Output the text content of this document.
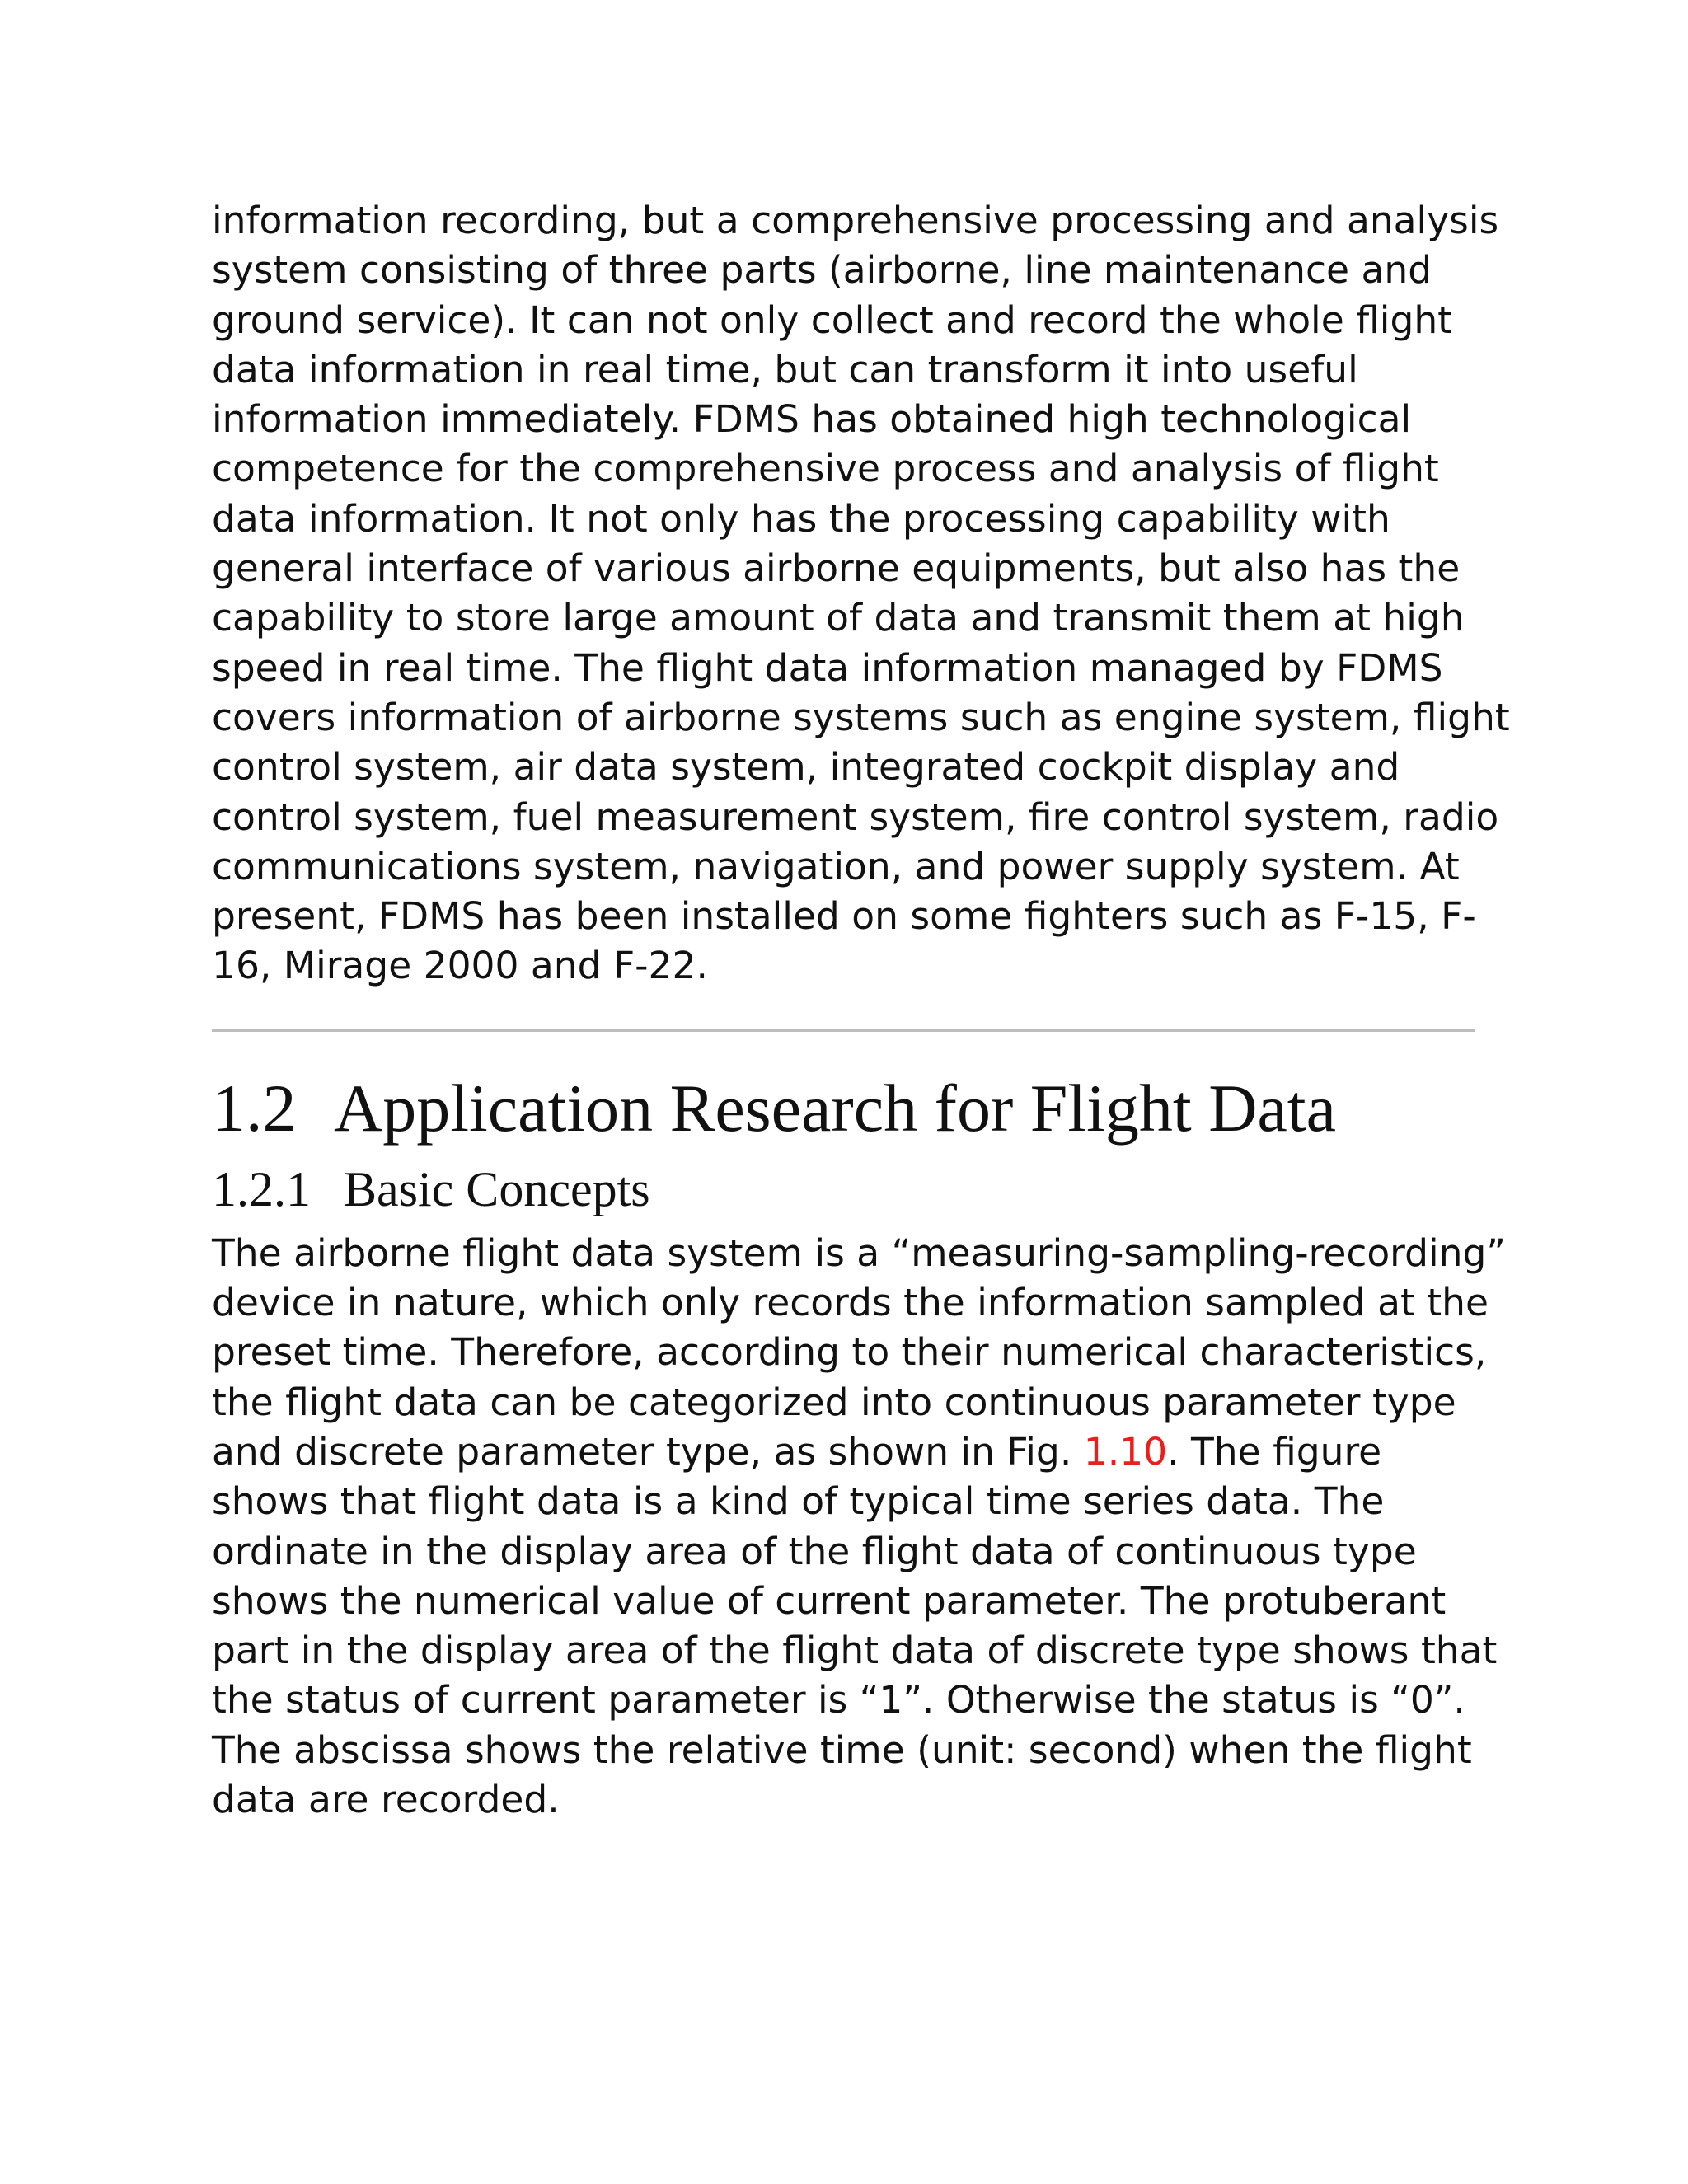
information recording, but a comprehensive processing and analysis
system consisting of three parts (airborne, line maintenance and
ground service). It can not only collect and record the whole flight
data information in real time, but can transform it into useful
information immediately. FDMS has obtained high technological
competence for the comprehensive process and analysis of flight
data information. It not only has the processing capability with
general interface of various airborne equipments, but also has the
capability to store large amount of data and transmit them at high
speed in real time. The flight data information managed by FDMS
covers information of airborne systems such as engine system, flight
control system, air data system, integrated cockpit display and
control system, fuel measurement system, fire control system, radio
communications system, navigation, and power supply system. At
present, FDMS has been installed on some fighters such as F-15, F-
16, Mirage 2000 and F-22.

1.2 Application Research for Flight Data
1.2.1 Basic Concepts

The airborne flight data system is a “measuring-sampling-recording”
device in nature, which only records the information sampled at the
preset time. Therefore, according to their numerical characteristics,
the flight data can be categorized into continuous parameter type
and discrete parameter type, as shown in Fig. 1.10. The figure
shows that flight data is a kind of typical time series data. The
ordinate in the display area of the flight data of continuous type
shows the numerical value of current parameter. The protuberant
part in the display area of the flight data of discrete type shows that
the status of current parameter is “1”. Otherwise the status is “0”.
The abscissa shows the relative time (unit: second) when the flight
data are recorded.
